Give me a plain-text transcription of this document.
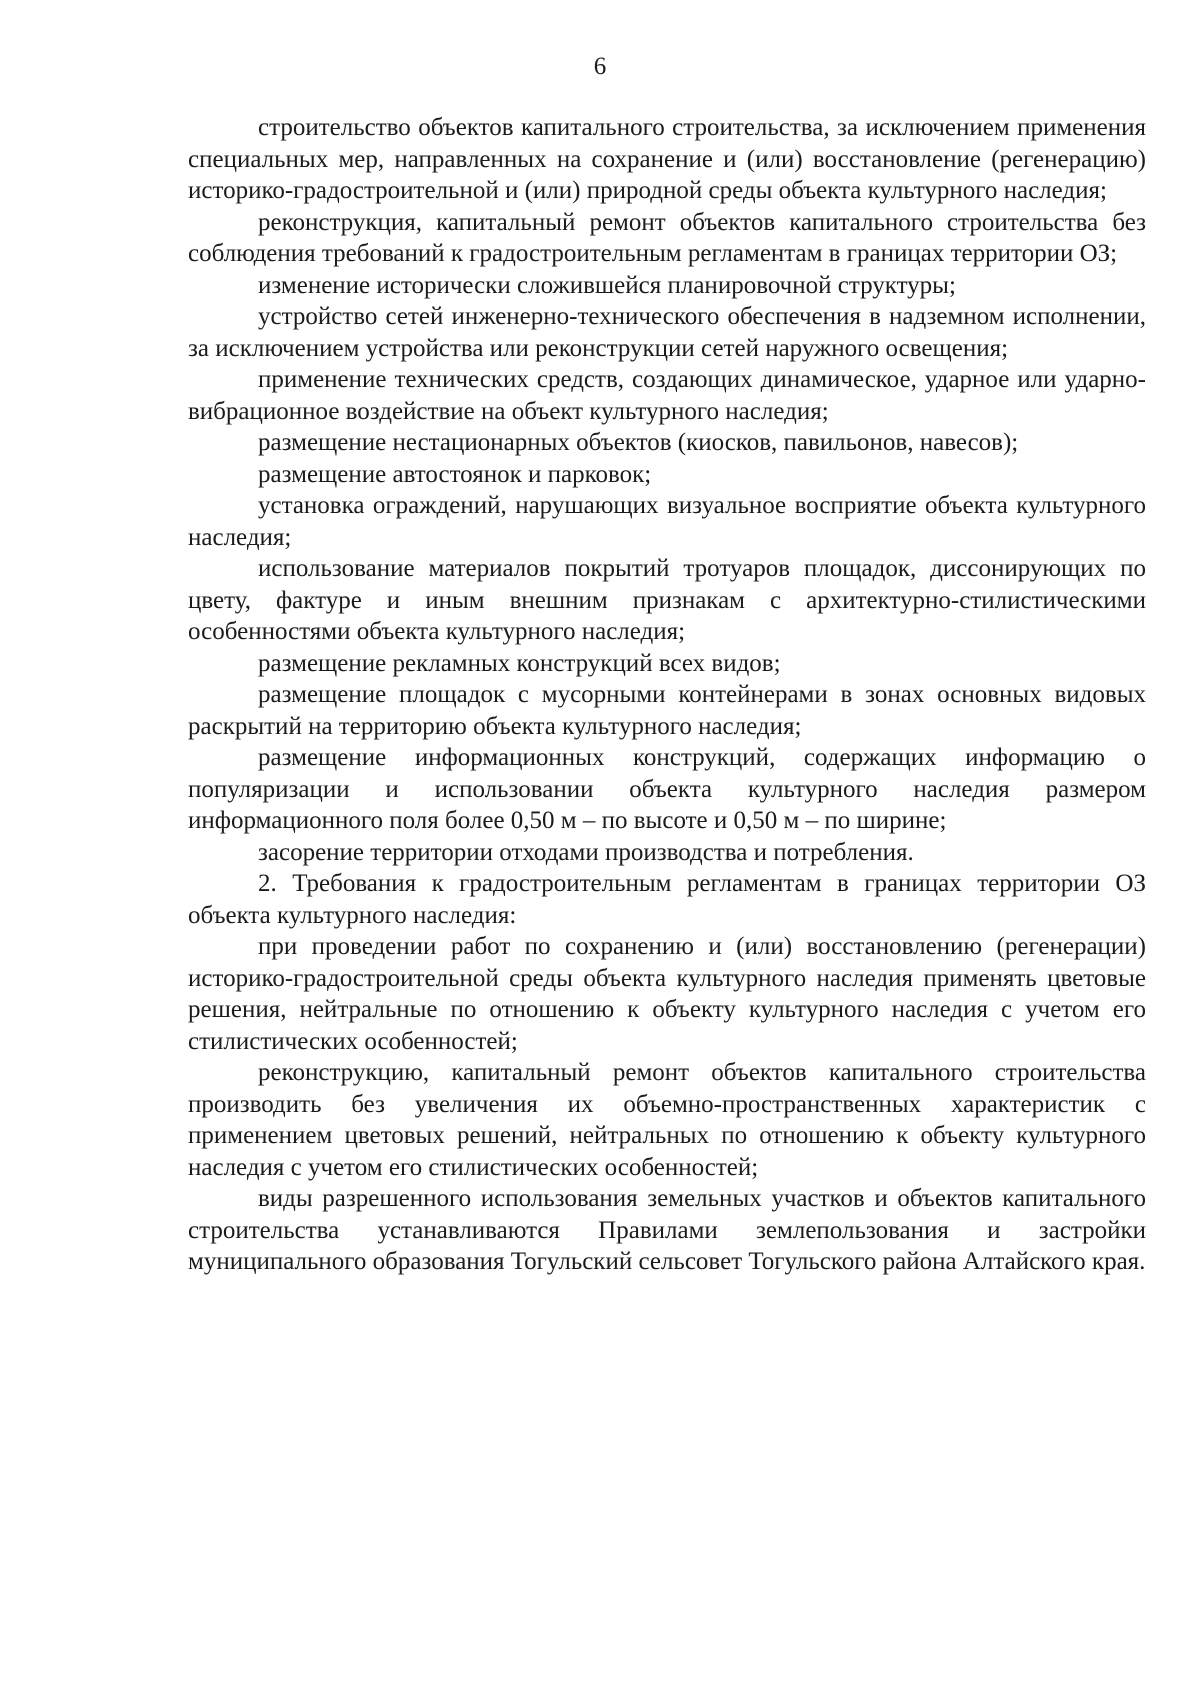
6

строительство объектов капитального строительства, за исключением применения специальных мер, направленных на сохранение и (или) восстановление (регенерацию) историко-градостроительной и (или) природной среды объекта культурного наследия;

реконструкция, капитальный ремонт объектов капитального строительства без соблюдения требований к градостроительным регламентам в границах территории ОЗ;

изменение исторически сложившейся планировочной структуры;

устройство сетей инженерно-технического обеспечения в надземном исполнении, за исключением устройства или реконструкции сетей наружного освещения;

применение технических средств, создающих динамическое, ударное или ударно-вибрационное воздействие на объект культурного наследия;

размещение нестационарных объектов (киосков, павильонов, навесов);

размещение автостоянок и парковок;

установка ограждений, нарушающих визуальное восприятие объекта культурного наследия;

использование материалов покрытий тротуаров площадок, диссонирующих по цвету, фактуре и иным внешним признакам с архитектурно-стилистическими особенностями объекта культурного наследия;

размещение рекламных конструкций всех видов;

размещение площадок с мусорными контейнерами в зонах основных видовых раскрытий на территорию объекта культурного наследия;

размещение информационных конструкций, содержащих информацию о популяризации и использовании объекта культурного наследия размером информационного поля более 0,50 м – по высоте и 0,50 м – по ширине;

засорение территории отходами производства и потребления.

2. Требования к градостроительным регламентам в границах территории ОЗ объекта культурного наследия:

при проведении работ по сохранению и (или) восстановлению (регенерации) историко-градостроительной среды объекта культурного наследия применять цветовые решения, нейтральные по отношению к объекту культурного наследия с учетом его стилистических особенностей;

реконструкцию, капитальный ремонт объектов капитального строительства производить без увеличения их объемно-пространственных характеристик с применением цветовых решений, нейтральных по отношению к объекту культурного наследия с учетом его стилистических особенностей;

виды разрешенного использования земельных участков и объектов капитального строительства устанавливаются Правилами землепользования и застройки муниципального образования Тогульский сельсовет Тогульского района Алтайского края.
